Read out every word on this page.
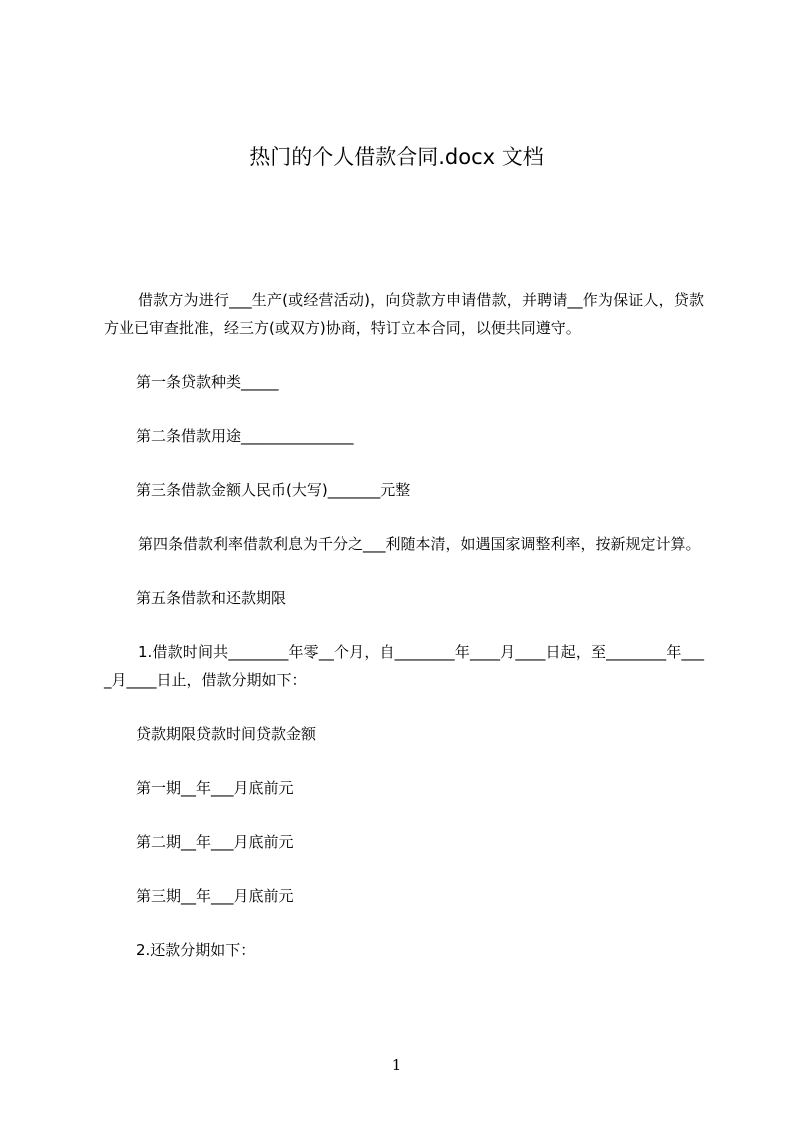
热门的个人借款合同.docx 文档

借款方为进行___生产(或经营活动)，向贷款方申请借款，并聘请__作为保证人，贷款方业已审查批准，经三方(或双方)协商，特订立本合同，以便共同遵守。

第一条贷款种类_____

第二条借款用途_______________

第三条借款金额人民币(大写)_______元整

第四条借款利率借款利息为千分之___利随本清，如遇国家调整利率，按新规定计算。

第五条借款和还款期限

1.借款时间共________年零__个月，自________年____月____日起，至________年____月____日止，借款分期如下：

贷款期限贷款时间贷款金额

第一期__年___月底前元

第二期__年___月底前元

第三期__年___月底前元

2.还款分期如下：

1
